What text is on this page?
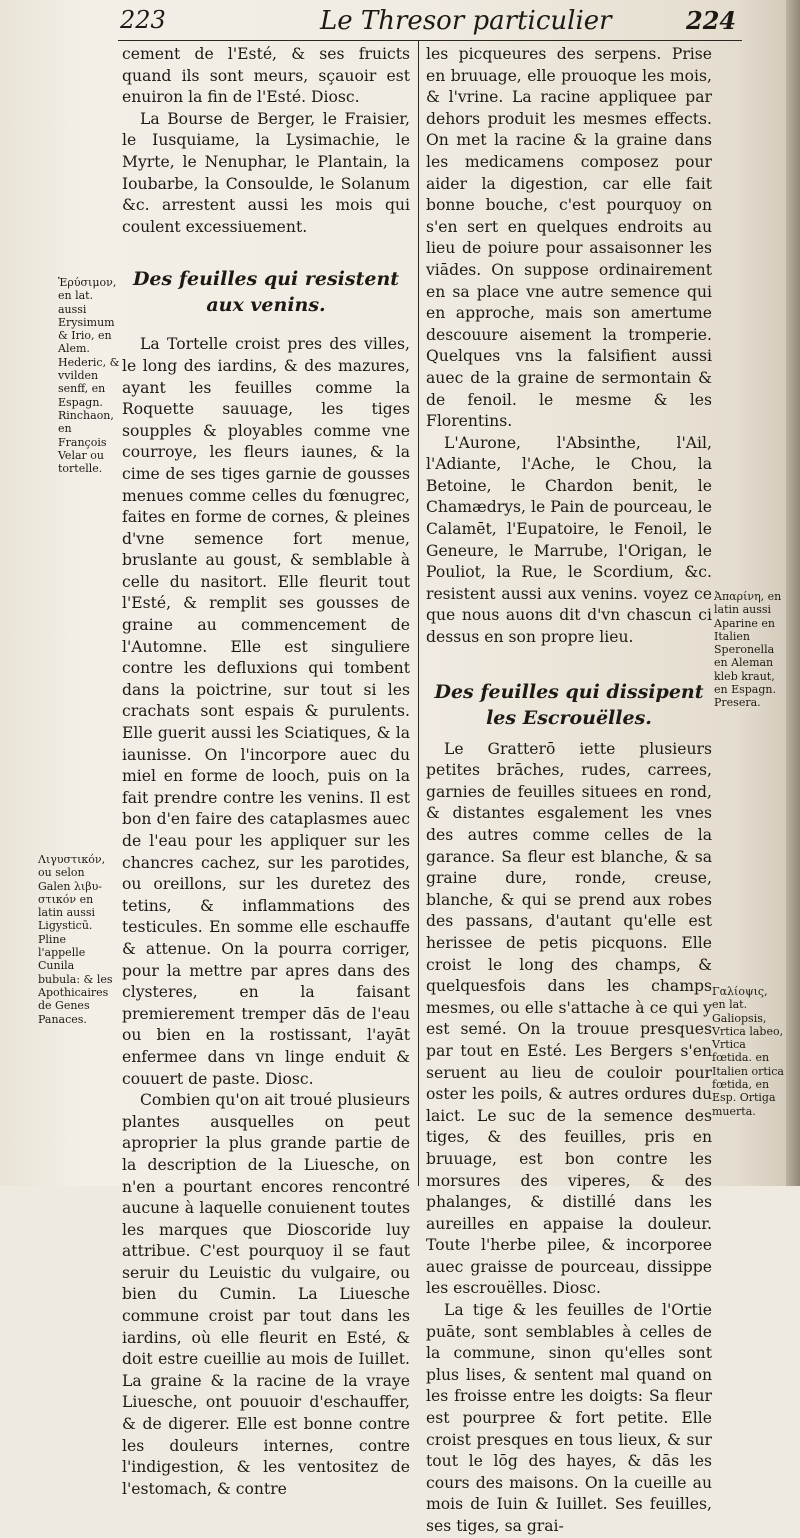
223	Le Thresor particulier	224

cement de l'Esté, & ses fruicts quand ils sont meurs, sçauoir est enuiron la fin de l'Esté. Diosc.

La Bourse de Berger, le Fraisier, le Iusquiame, la Lysimachie, le Myrte, le Nenuphar, le Plantain, la Ioubarbe, la Consoulde, le Solanum &c. arrestent aussi les mois qui coulent excessiuement.

Des feuilles qui resistent aux venins.

La Tortelle croist pres des villes, le long des iardins, & des mazures, ayant les feuilles comme la Roquette sauuage, les tiges soupples & ployables comme vne courroye, les fleurs iaunes, & la cime de ses tiges garnie de gousses menues comme celles du fœnugrec, faites en forme de cornes, & pleines d'vne semence fort menue, bruslante au goust, & semblable à celle du nasitort. Elle fleurit tout l'Esté, & remplit ses gousses de graine au commencement de l'Automne. Elle est singuliere contre les defluxions qui tombent dans la poictrine, sur tout si les crachats sont espais & purulents. Elle guerit aussi les Sciatiques, & la iaunisse. On l'incorpore auec du miel en forme de looch, puis on la fait prendre contre les venins. Il est bon d'en faire des cataplasmes auec de l'eau pour les appliquer sur les chancres cachez, sur les parotides, ou oreillons, sur les duretez des tetins, & inflammations des testicules. En somme elle eschauffe & attenue. On la pourra corriger, pour la mettre par apres dans des clysteres, en la faisant premierement tremper dās de l'eau ou bien en la rostissant, l'ayāt enfermee dans vn linge enduit & couuert de paste. Diosc.

Combien qu'on ait troué plusieurs plantes ausquelles on peut aproprier la plus grande partie de la description de la Liuesche, on n'en a pourtant encores rencontré aucune à laquelle conuienent toutes les marques que Dioscoride luy attribue. C'est pourquoy il se faut seruir du Leuistic du vulgaire, ou bien du Cumin. La Liuesche commune croist par tout dans les iardins, où elle fleurit en Esté, & doit estre cueillie au mois de Iuillet. La graine & la racine de la vraye Liuesche, ont pouuoir d'eschauffer, & de digerer. Elle est bonne contre les douleurs internes, contre l'indigestion, & les ventositez de l'estomach, & contre

les picqueures des serpens. Prise en bruuage, elle prouoque les mois, & l'vrine. La racine appliquee par dehors produit les mesmes effects. On met la racine & la graine dans les medicamens composez pour aider la digestion, car elle fait bonne bouche, c'est pourquoy on s'en sert en quelques endroits au lieu de poiure pour assaisonner les viādes. On suppose ordinairement en sa place vne autre semence qui en approche, mais son amertume descouure aisement la tromperie. Quelques vns la falsifient aussi auec de la graine de sermontain & de fenoil. le mesme & les Florentins.

L'Aurone, l'Absinthe, l'Ail, l'Adiante, l'Ache, le Chou, la Betoine, le Chardon benit, le Chamædrys, le Pain de pourceau, le Calamēt, l'Eupatoire, le Fenoil, le Geneure, le Marrube, l'Origan, le Pouliot, la Rue, le Scordium, &c. resistent aussi aux venins. voyez ce que nous auons dit d'vn chascun ci dessus en son propre lieu.

Des feuilles qui dissipent les Escrouëlles.

Le Gratterō iette plusieurs petites brāches, rudes, carrees, garnies de feuilles situees en rond, & distantes esgalement les vnes des autres comme celles de la garance. Sa fleur est blanche, & sa graine dure, ronde, creuse, blanche, & qui se prend aux robes des passans, d'autant qu'elle est herissee de petis picquons. Elle croist le long des champs, & quelquesfois dans les champs mesmes, ou elle s'attache à ce qui y est semé. On la trouue presques par tout en Esté. Les Bergers s'en seruent au lieu de couloir pour oster les poils, & autres ordures du laict. Le suc de la semence des tiges, & des feuilles, pris en bruuage, est bon contre les morsures des viperes, & des phalanges, & distillé dans les aureilles en appaise la douleur. Toute l'herbe pilee, & incorporee auec graisse de pourceau, dissippe les escrouëlles. Diosc.

La tige & les feuilles de l'Ortie puāte, sont semblables à celles de la commune, sinon qu'elles sont plus lises, & sentent mal quand on les froisse entre les doigts: Sa fleur est pourpree & fort petite. Elle croist presques en tous lieux, & sur tout le lōg des hayes, & dās les cours des maisons. On la cueille au mois de Iuin & Iuillet. Ses feuilles, ses tiges, sa grai-

Ἐρύσιμον, en lat. aussi Erysimum & Irio, en Alem. Hederic, & vvilden senff, en Espagn. Rinchaon, en François Velar ou tortelle.
Λιγυστικόν, ou selon Galen λιβυ-στικόν en latin aussi Ligysticū. Pline l'appelle Cunila bubula: & les Apothicaires de Genes Panaces.
Ἀπαρίνη, en latin aussi Aparine en Italien Speronella en Aleman kleb kraut, en Espagn. Presera.
Γαλίοψις, en lat. Galiopsis, Vrtica labeo, Vrtica fœtida. en Italien ortica fœtida, en Esp. Ortiga muerta.
